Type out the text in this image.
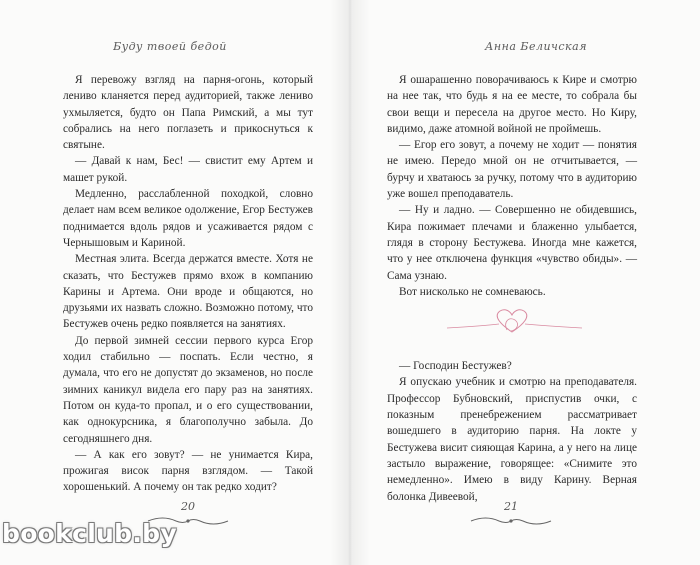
Буду твоей бедой

Я перевожу взгляд на парня-огонь, который лениво кланяется перед аудиторией, также лениво ухмыляется, будто он Папа Римский, а мы тут собрались на него поглазеть и прикоснуться к святыне.

— Давай к нам, Бес! — свистит ему Артем и машет рукой.

Медленно, расслабленной походкой, словно делает нам всем великое одолжение, Егор Бестужев поднимается вдоль рядов и усаживается рядом с Чернышовым и Кариной.

Местная элита. Всегда держатся вместе. Хотя не сказать, что Бестужев прямо вхож в компанию Карины и Артема. Они вроде и общаются, но друзьями их назвать сложно. Возможно потому, что Бестужев очень редко появляется на занятиях.

До первой зимней сессии первого курса Егор ходил стабильно — поспать. Если честно, я думала, что его не допустят до экзаменов, но после зимних каникул видела его пару раз на занятиях. Потом он куда-то пропал, и о его существовании, как однокурсника, я благополучно забыла. До сегодняшнего дня.

— А как его зовут? — не унимается Кира, прожигая висок парня взглядом. — Такой хорошенький. А почему он так редко ходит?

20
Анна Беличская

Я ошарашенно поворачиваюсь к Кире и смотрю на нее так, что будь я на ее месте, то собрала бы свои вещи и пересела на другое место. Но Киру, видимо, даже атомной войной не проймешь.

— Егор его зовут, а почему не ходит — понятия не имею. Передо мной он не отчитывается, — бурчу и хватаюсь за ручку, потому что в аудиторию уже вошел преподаватель.

— Ну и ладно. — Совершенно не обидевшись, Кира пожимает плечами и блаженно улыбается, глядя в сторону Бестужева. Иногда мне кажется, что у нее отключена функция «чувство обиды». — Сама узнаю.

Вот нисколько не сомневаюсь.

— Господин Бестужев?

Я опускаю учебник и смотрю на преподавателя. Профессор Бубновский, приспустив очки, с показным пренебрежением рассматривает вошедшего в аудиторию парня. На локте у Бестужева висит сияющая Карина, а у него на лице застыло выражение, говорящее: «Снимите это немедленно». Имею в виду Карину. Верная болонка Дивеевой,

21
bookclub.by
